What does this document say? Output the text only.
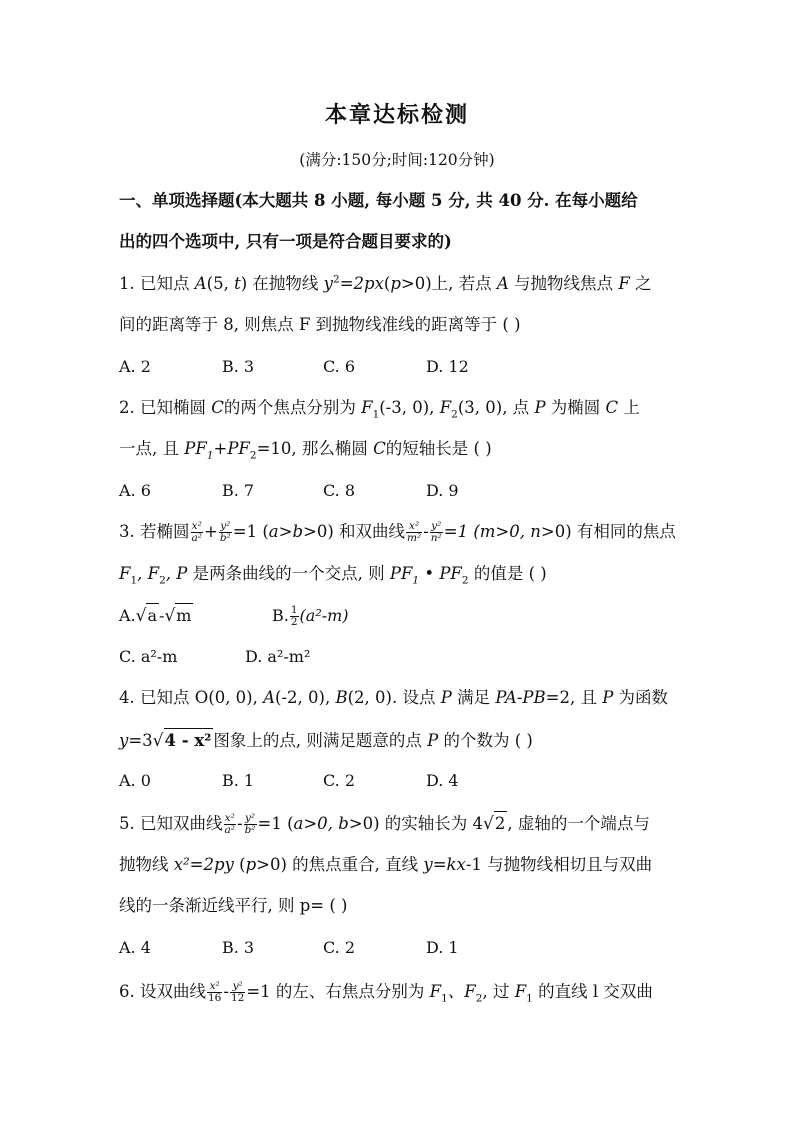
本章达标检测
(满分:150分;时间:120分钟)
一、单项选择题(本大题共 8 小题, 每小题 5 分, 共 40 分. 在每小题给
出的四个选项中, 只有一项是符合题目要求的)
1. 已知点 A(5, t) 在抛物线 $y^2=2px(p>0)$上, 若点 A 与抛物线焦点 F 之
间的距离等于 8, 则焦点 F 到抛物线准线的距离等于 ( )
A. 2	B. 3	C. 6	D. 12
2. 已知椭圆 C的两个焦点分别为 $F_1(-3$, 0), $F_2(3$, 0), 点 P 为椭圆 C 上
一点, 且 $PF_1+PF_2=10$, 那么椭圆 C的短轴长是 ( )
A. 6	B. 7	C. 8	D. 9
3. 若椭圆 $\frac{\text{x²}}{\text{a²}} + \frac{\text{y²}}{\text{b²}} =1$ (a>b>0) 和双曲线 $\frac{\text{x²}}{\text{m²}} - \frac{\text{y²}}{\text{n²}} =1$ (m>0, n>0) 有相同的焦点
$F_1$, $F_2$, P 是两条曲线的一个交点, 则 $PF_1$ • $PF_2$ 的值是 ( )
A.√a -√m	B. $\frac{1}{2} (a^2-m)$
C. a²-m	D. a²-m²
4. 已知点 O(0, 0), A(-2, 0), B(2, 0). 设点 P 满足 PA-PB=2, 且 P 为函数
y=3√4 - x² 图象上的点, 则满足题意的点 P 的个数为 ( )
A. 0	B. 1	C. 2	D. 4
5. 已知双曲线 $\frac{\text{x²}}{\text{a²}} - \frac{\text{y²}}{\text{b²}} =1$ (a>0, b>0) 的实轴长为 4√2 , 虚轴的一个端点与
抛物线 x²=2py (p>0) 的焦点重合, 直线 y=kx-1 与抛物线相切且与双曲
线的一条渐近线平行, 则 p= ( )
A. 4	B. 3	C. 2	D. 1
6. 设双曲线 $\frac{\text{x²}}{16} - \frac{\text{y²}}{12} =1$ 的左、右焦点分别为 $F_1$、$F_2$, 过 $F_1$ 的直线 l 交双曲
